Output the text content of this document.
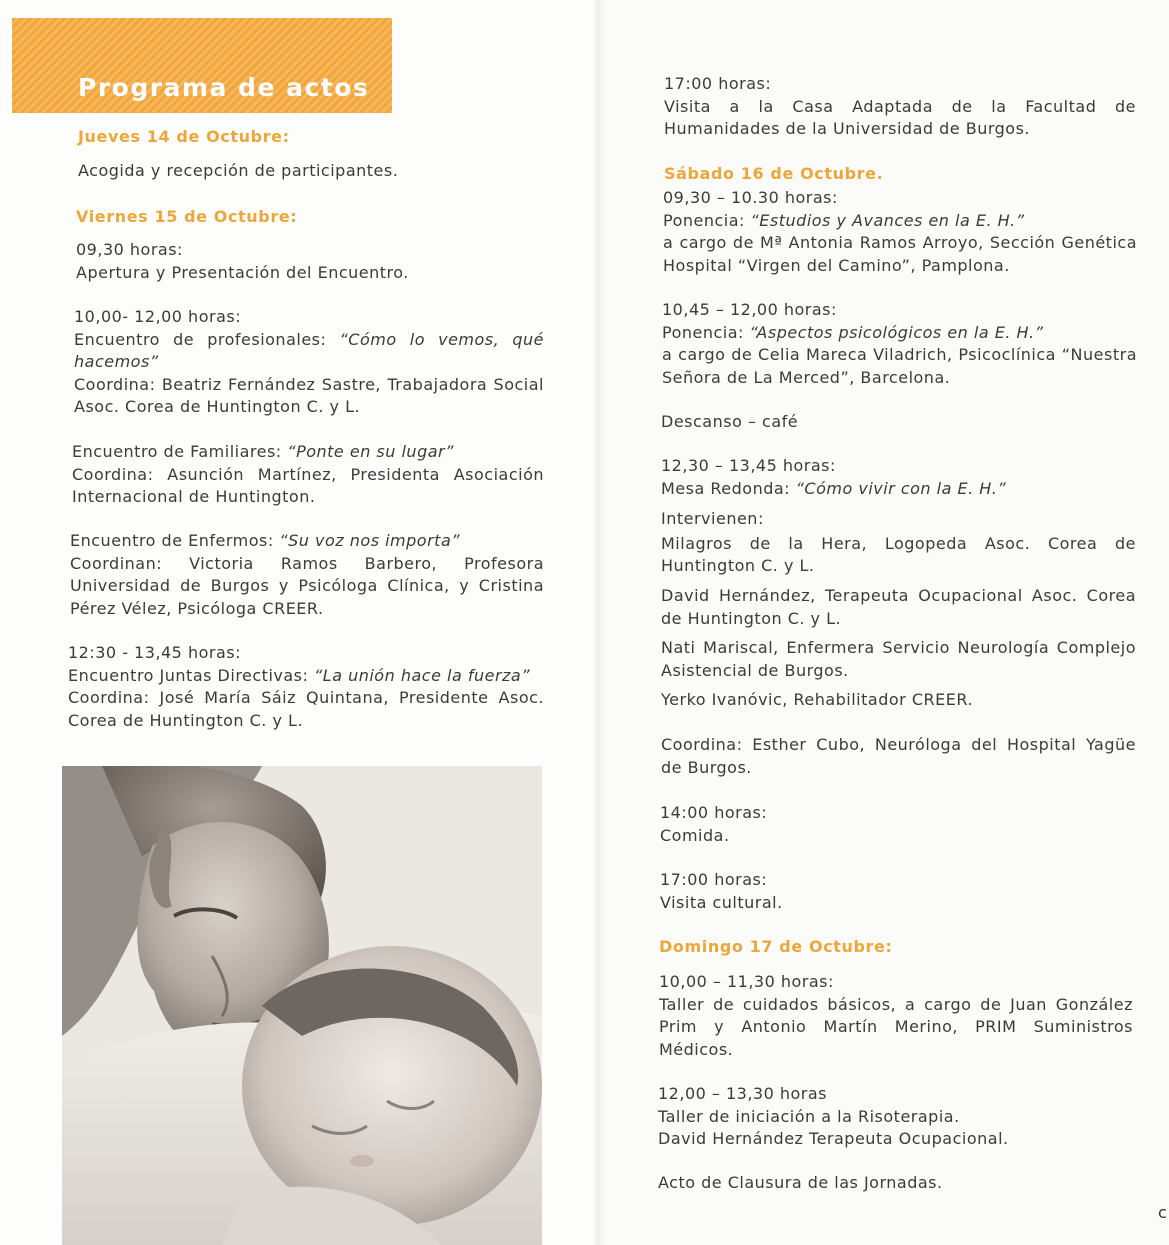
Programa de actos
Jueves 14 de Octubre:

Acogida y recepción de participantes.

Viernes 15 de Octubre:

09,30 horas:

Apertura y Presentación del Encuentro.

10,00- 12,00 horas:

Encuentro de profesionales: “Cómo lo vemos, qué hacemos”

Coordina: Beatriz Fernández Sastre, Trabajadora Social Asoc. Corea de Huntington C. y L.

Encuentro de Familiares: “Ponte en su lugar”

Coordina: Asunción Martínez, Presidenta Asociación Internacional de Huntington.

Encuentro de Enfermos: “Su voz nos importa”

Coordinan: Victoria Ramos Barbero, Profesora Universidad de Burgos y Psicóloga Clínica, y Cristina Pérez Vélez, Psicóloga CREER.

12:30 - 13,45 horas:

Encuentro Juntas Directivas: “La unión hace la fuerza”

Coordina: José María Sáiz Quintana, Presidente Asoc. Corea de Huntington C. y L.

17:00 horas:

Visita a la Casa Adaptada de la Facultad de Humanidades de la Universidad de Burgos.

Sábado 16 de Octubre.

09,30 – 10.30 horas:

Ponencia: “Estudios y Avances en la E. H.”

a cargo de Mª Antonia Ramos Arroyo, Sección Genética Hospital “Virgen del Camino”, Pamplona.

10,45 – 12,00 horas:

Ponencia: “Aspectos psicológicos en la E. H.”

a cargo de Celia Mareca Viladrich, Psicoclínica “Nuestra Señora de La Merced”, Barcelona.

Descanso – café

12,30 – 13,45 horas:

Mesa Redonda: “Cómo vivir con la E. H.”

Intervienen:

Milagros de la Hera, Logopeda Asoc. Corea de Huntington C. y L.

David Hernández, Terapeuta Ocupacional Asoc. Corea de Huntington C. y L.

Nati Mariscal, Enfermera Servicio Neurología Complejo Asistencial de Burgos.

Yerko Ivanóvic, Rehabilitador CREER.

Coordina: Esther Cubo, Neuróloga del Hospital Yagüe de Burgos.

14:00 horas:

Comida.

17:00 horas:

Visita cultural.

Domingo 17 de Octubre:

10,00 – 11,30 horas:

Taller de cuidados básicos, a cargo de Juan González Prim y Antonio Martín Merino, PRIM Suministros Médicos.

12,00 – 13,30 horas

Taller de iniciación a la Risoterapia.

David Hernández Terapeuta Ocupacional.

Acto de Clausura de las Jornadas.

c
